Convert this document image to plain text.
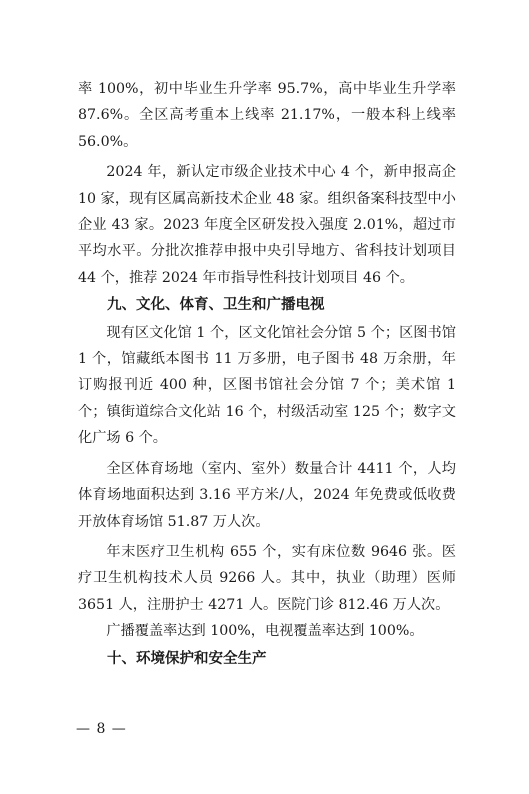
率 100%，初中毕业生升学率 95.7%，高中毕业生升学率 87.6%。全区高考重本上线率 21.17%，一般本科上线率 56.0%。

2024 年，新认定市级企业技术中心 4 个，新申报高企 10 家，现有区属高新技术企业 48 家。组织备案科技型中小企业 43 家。2023 年度全区研发投入强度 2.01%，超过市平均水平。分批次推荐申报中央引导地方、省科技计划项目 44 个，推荐 2024 年市指导性科技计划项目 46 个。

九、文化、体育、卫生和广播电视

现有区文化馆 1 个，区文化馆社会分馆 5 个；区图书馆 1 个，馆藏纸本图书 11 万多册，电子图书 48 万余册，年订购报刊近 400 种，区图书馆社会分馆 7 个；美术馆 1 个；镇街道综合文化站 16 个，村级活动室 125 个；数字文化广场 6 个。

全区体育场地（室内、室外）数量合计 4411 个，人均体育场地面积达到 3.16 平方米/人，2024 年免费或低收费开放体育场馆 51.87 万人次。

年末医疗卫生机构 655 个，实有床位数 9646 张。医疗卫生机构技术人员 9266 人。其中，执业（助理）医师 3651 人，注册护士 4271 人。医院门诊 812.46 万人次。

广播覆盖率达到 100%，电视覆盖率达到 100%。

十、环境保护和安全生产

— 8 —
